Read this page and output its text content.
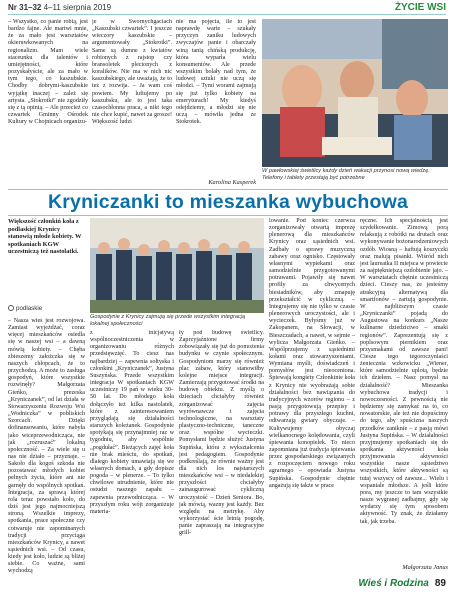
Nr 31–32 4–11 sierpnia 2019	ŻYCIE WSI
– Wszystko, co panie robią, jest bardzo fajne. Ale martwi mnie, że za mało jest warsztatów okieruwkowanych na regionalizm. Mam wiele staceunku dla talentów i umiejętności, które pozyskałyście, ale za mało w tym tego, co kaszubskie. Chodby dobrymi-kaszubskie wyjątkę inaczej – zależ się artysta. „Stokrotki” nie zgodziły się z tą opinią. – Ale przecież co czwartek Gminny Ośrodek Kultury w Chojnicach organizu-
je w Swornychgaciach „Kaszubski czwartek”. I jeszcze wieczory kaszubskie – argumentowały „Stokrotki”. Same są dumne z kwiatów robionych z rajstop czy bransoletek plecionych z koralików. Nie ma w nich nic kaszubskiego, ale uważają, że to też z rozwija. – Ja wam coś powiem. My luftujemy po kaszubsku, ale to jest taka czasochłonna praca, a nikt tego nie chce kupić, nawet za grosze! Większość ludzi
nie ma pojęcia, ile to jest naprawdę warte – szukały przyczyn zaniku ludowych zwyczajów panie i obarczały winą tanią chińską produkcję, która wyparła wielu konsumentów. Ale przede wszystkim bolały nad tym, że ludowej sztuki nie uczą się młodzi. – Tymi worami zajmują się już tylko kobiety na emeryturach! My kiedyś odejdziemy, a młodzi się nie uczą – mówiła jedna ze Stokrotek.
Karolina Kasperek
W pawłowskiej świetlicy każdy dzień wakacji przynosi nową wiedzę. Telefony i tablety przestają być potrzebne
Kryniczanki to mieszanka wybuchowa
Większość członkiń koła z podlaskiej Krynicy stanowią młode kobiety. W spotkaniach KGW uczestniczą też nastolatki.
podlaskie
– Nasza wieś jest rozwojowa. Zamiast wyjeżdżać, coraz więcej mieszkańców osiedla się w naszej wsi – a dawną mówią kobiety. – Chęba zbieszemy założczka się w naszych chłopcach, że to przychodzą. A może to zasługa gospodyń, które wszystkie rozwinęły? Małgorzata Gieńko, prezeska „Kryniczanek”, od lat działa w Stowarzyszeniu Rozwoju Wsi „Wodniczka” w pobliskich Szorcach. Dzięki dofinansowaniu, które nabyła jako wiceprzewodnicząca, nie jak „rozruszać” lokalną społeczność. – Za wiele się u nas nie działo – przyznaje. – Sakoło dla kogoś szkoda nie pozostawać młodych kobiet pełnych życia, które ani nie garnęły do wspólnych spotkań. Integracja, za sprawą której rola teraz powstało koło, do dziś jest jego najmocniejszą stroną. Wszelkie imprezy, spotkania, prace społeczne czy cotwaruje nie zapominanych tradycji przyciąga mieszkańców Krynicy, a nawet sąsiednich wsi. – Od czasu, kiedy jest koło, ludzie są bliżej siebie. Co ważne, sami wychodzą
Gospodynie z Krynicy zajmują się przede wszystkim integracją lokalnej społeczności

z inicjatywą wspólnoczestniczenia w organizowaniu różnych przedsięwzięć. To ciesz nas najbardziej – zapewnia sołtyska i członkini „Kryniczanek”, Justyna Suszyńska. Przede wszystkim integracja W spotkaniach KGW uczestniczy 19 pań w wieku 30–50 lat. Do młodego koła dołączyło też kilka nastolatek, które z zainteresowaniem przyglądają się działalności starszych koleżanek. Gospodynie spotykają się przynajmniej raz w tygodniu, aby wspólnie „pogdułać”. Bieżących zajęć koła nie brak mieściu, do spotkań, dlatego kobiety umawiają się we własnych domach, a gdy dopisze pogoda – w plenerze. – To tylko chwilowe utrudnienie, które nie ostudzi naszego zapału – zapewnia przewodnicząca. – W przyszłym roku wójt zorganizuje materia-

ły pod budowę świetlicy. Zaprzyjaźnione firmy zobowiązały się już do pomożenia budynku w czynie społecznym. Gospodyniom marzy się również plac zabaw, który stanowiłby kolejne miejsce integracji. Zamierzają przygotować środki na budowę obiektu. Z myślą o dzieciach chciałyby również zorganizować zajęcia wyrównawcze i zajęcia technologiczne, na warsztaty plastyczno-techniczne, taneczne oraz wspólne wycieczki. Pomysłami będzie służyć Justyna Supińska, która z wykształcenia jest pedagogiem. Gospodynie podkreślają, że równie ważny jest dla nich los najstarszych mieszkańców wsi – w niedalekiej przyszłości chciałyby zainaugurować cykliczną uroczystość – Dzień Seniora. Bo, jak mówią, wazny jest każdy. Bez względu na metrykę. Aby wykorzystać ście letnią pogodę, panie zapraszają na integracyjne grill-
lowanie. Pod koniec czerwca zorganizowały otwartą imprezę plenerową dla mieszkańców Krynicy oraz sąsiednich wsi. Zadbały o sprawy muzyczną zabawy oraz ognisko. Częstowały własnymi wypiekami oraz samodzielnie przygotowanymi potrawami. Pojawiły się nawet profily za chwycenych biesiadników, aby zmapuję przekształcić w cykliczną. – Integrujemy się nie tylko w czasie plenerowych uroczystości, ale i wycieczek. Byłyśmy już w Zakopanem, na Słowacji, w Bieszczadach, a nawet, w sejmie – wylicza Małgorzata Gieńko. – Wspólprzujemy z sąsiednimi kołami oraz stowarzyszeniami. Wymiana myśli, doświadczeń i pomysłów jest nieoceniona. Śpiewają kongiety Członkinie koła z Krynicy nie wyobrażają sobie działalności bez nawiązania do tradycyjnych wzorów regionu – z pasją przygotowują przepisy i potrawy dla przyszłego kuchni, odtwarzają gwiary obyczaje. – Kultywujemy obyczaj wielkanocnego kolędowania, czyli śpiewania konopielek. To nieco zapomniana już tradycja śpiewania przez gospodarskiego związanych z rozpoczęciem nowego roku agrarnego – opowiada Justyna Supińska. Gospodynie chętnie angażują się także w prace
ręczne. Ich specjalnością jest szydełkowanie. Zimową porą relaksują z robótki na drutach oraz wykonywanie bożonarodzeniowych ozdób. Wiosną – haftują koszyczki oraz malują pisanki. Wiśród nich jest laureatka II miejsca w powiecie za najpiękniejszą ozdobienie jajo. – W warsztatach chętnie uczestniczą dzieci. Cieszy nas, że jesteśmy atrakcyjną alternatywą dla smartfonów – zartują gospodynie. W najbliższym czasie „Kryniczanki” pojadą do Augustowa na konkurs „Nasze kulinarne dziedzictwo – smaki regionów”. Zaprezentują się z poplsowym piernikiem oraz przysmakami od zawsze pani! Ciesze tego tegoroczyniaści żeniecznia wzkowicku „Wiener, które samodzielnie uplotą, będzie ich dziełem. – Nasz pomysł na działalność? Mieszanka wybuchowa tradycji i nowoczesności. Z pewnością nie będziemy się zamykać na to, co nowatorskie, ale też nie dopuścimy do tego, aby spuścizna naszych przodków zaniknie – z pasją mówi Justyna Supińska. – W działalności przyjmujemy spotkaniach się do spotkania aktywności koła przyjmowania aktywności wszystkie nasze sąsiedztwo wszystkich, które aktywności są tutaj wszyscy od zawsze... Wielu i wspaniale młodsze. A jeśli które pora, my jeszcze to tam wszystkie nasze wygranej zadbajmy, gdy się wydarzy się tym sposobem aktywność. Ty znak, że działamy tak, jak trzeba.
Małgorzata Janus
Wieś i Rodzina 89
